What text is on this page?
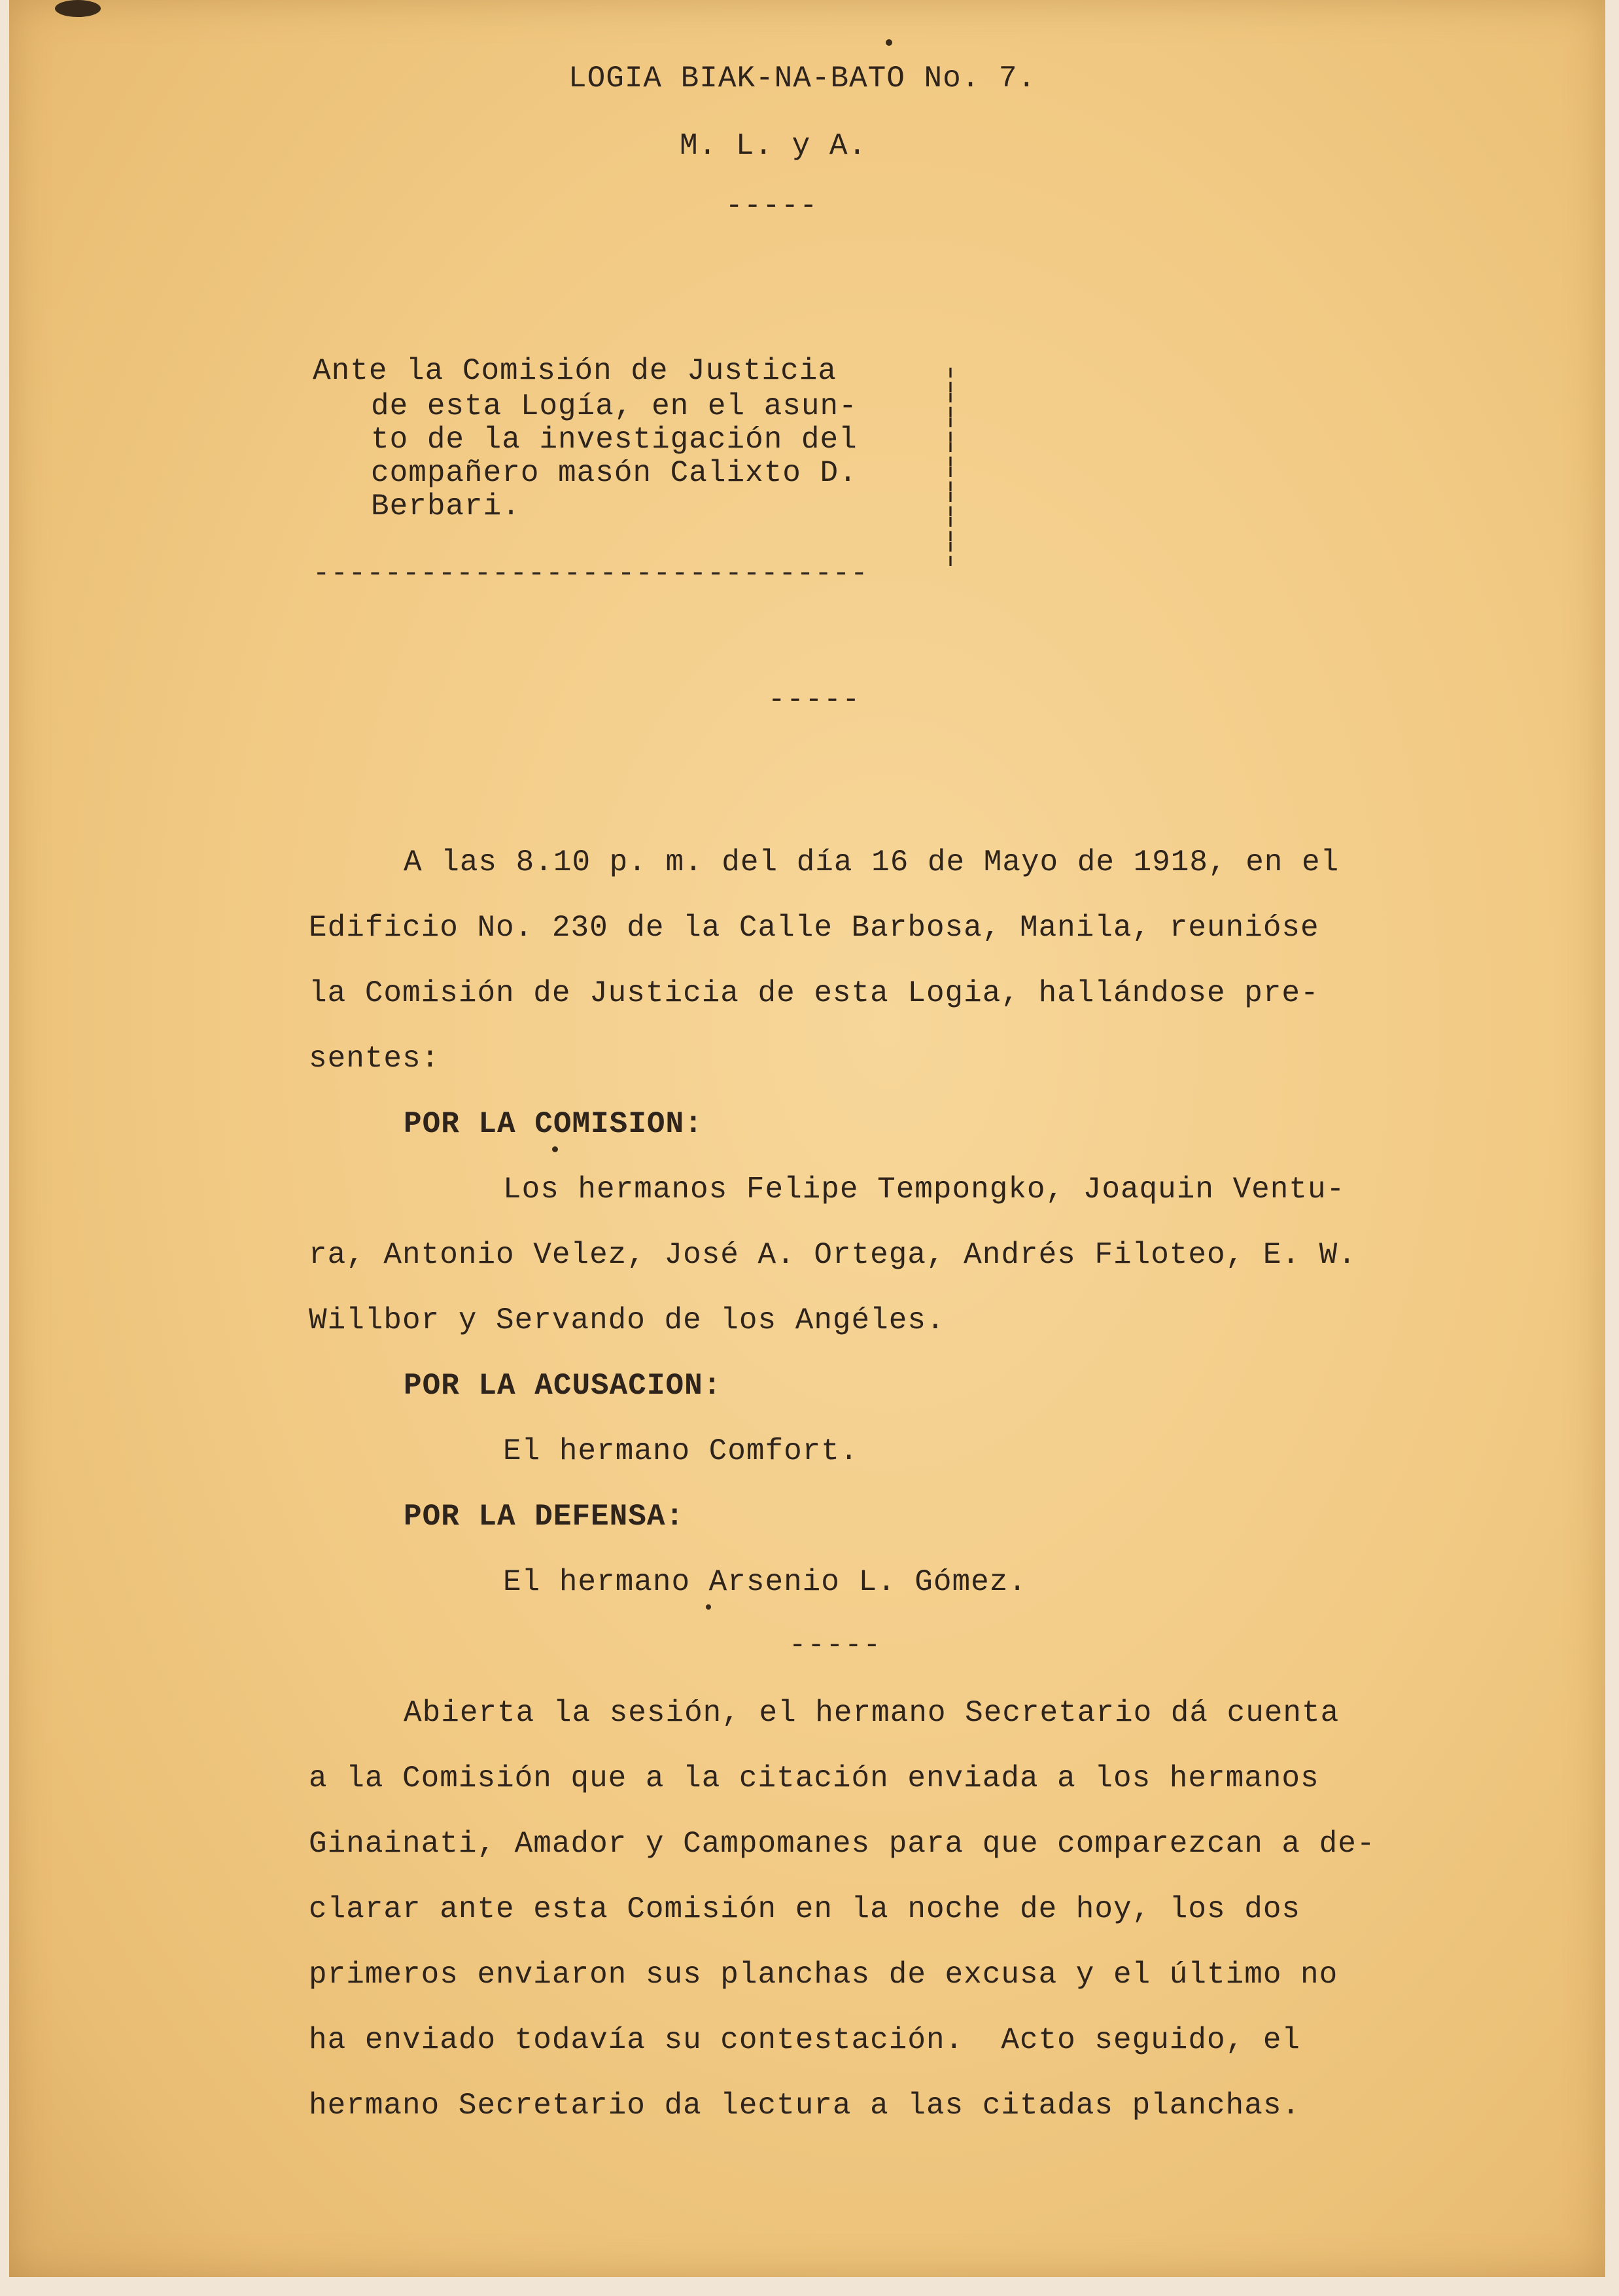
LOGIA BIAK-NA-BATO No. 7.
M. L. y A.
-----
Ante la Comisión de Justicia
de esta Logía, en el asun-
to de la investigación del
compañero masón Calixto D.
Berbari.
-------------------------------
¦
¦
¦
¦
¦
¦
¦
¦
-----
A las 8.10 p. m. del día 16 de Mayo de 1918, en el
Edificio No. 230 de la Calle Barbosa, Manila, reunióse
la Comisión de Justicia de esta Logia, hallándose pre-
sentes:
POR LA COMISION:
Los hermanos Felipe Tempongko, Joaquin Ventu-
ra, Antonio Velez, José A. Ortega, Andrés Filoteo, E. W.
Willbor y Servando de los Angéles.
POR LA ACUSACION:
El hermano Comfort.
POR LA DEFENSA:
El hermano Arsenio L. Gómez.
-----
Abierta la sesión, el hermano Secretario dá cuenta
a la Comisión que a la citación enviada a los hermanos
Ginainati, Amador y Campomanes para que comparezcan a de-
clarar ante esta Comisión en la noche de hoy, los dos
primeros enviaron sus planchas de excusa y el último no
ha enviado todavía su contestación.  Acto seguido, el
hermano Secretario da lectura a las citadas planchas.
